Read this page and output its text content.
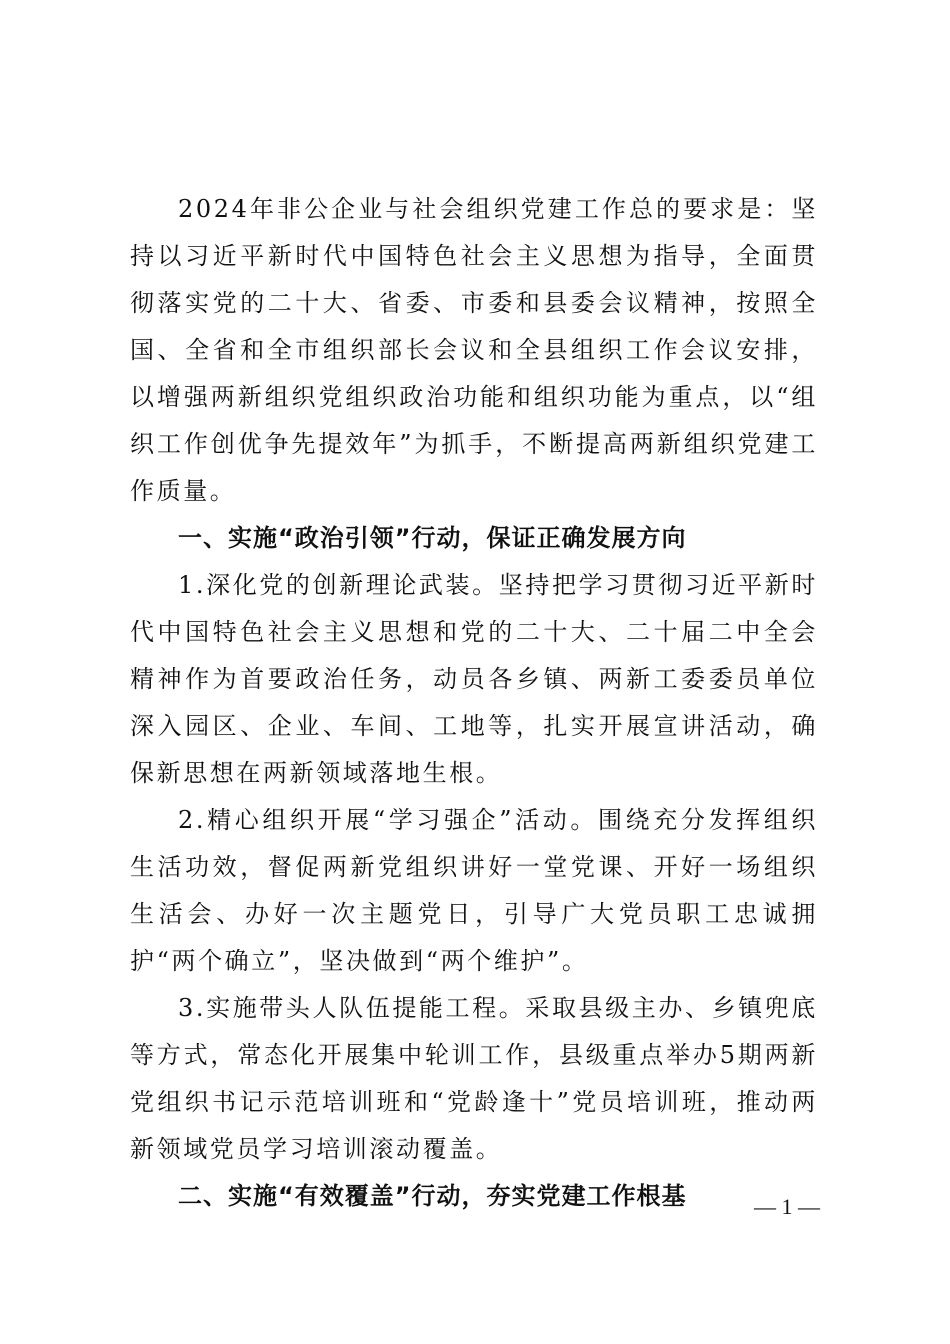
2024年非公企业与社会组织党建工作总的要求是：坚持以习近平新时代中国特色社会主义思想为指导，全面贯彻落实党的二十大、省委、市委和县委会议精神，按照全国、全省和全市组织部长会议和全县组织工作会议安排，以增强两新组织党组织政治功能和组织功能为重点，以“组织工作创优争先提效年”为抓手，不断提高两新组织党建工作质量。

一、实施“政治引领”行动，保证正确发展方向

1.深化党的创新理论武装。坚持把学习贯彻习近平新时代中国特色社会主义思想和党的二十大、二十届二中全会精神作为首要政治任务，动员各乡镇、两新工委委员单位深入园区、企业、车间、工地等，扎实开展宣讲活动，确保新思想在两新领域落地生根。

2.精心组织开展“学习强企”活动。围绕充分发挥组织生活功效，督促两新党组织讲好一堂党课、开好一场组织生活会、办好一次主题党日，引导广大党员职工忠诚拥护“两个确立”，坚决做到“两个维护”。

3.实施带头人队伍提能工程。采取县级主办、乡镇兜底等方式，常态化开展集中轮训工作，县级重点举办5期两新党组织书记示范培训班和“党龄逢十”党员培训班，推动两新领域党员学习培训滚动覆盖。

二、实施“有效覆盖”行动，夯实党建工作根基	— 1 —
